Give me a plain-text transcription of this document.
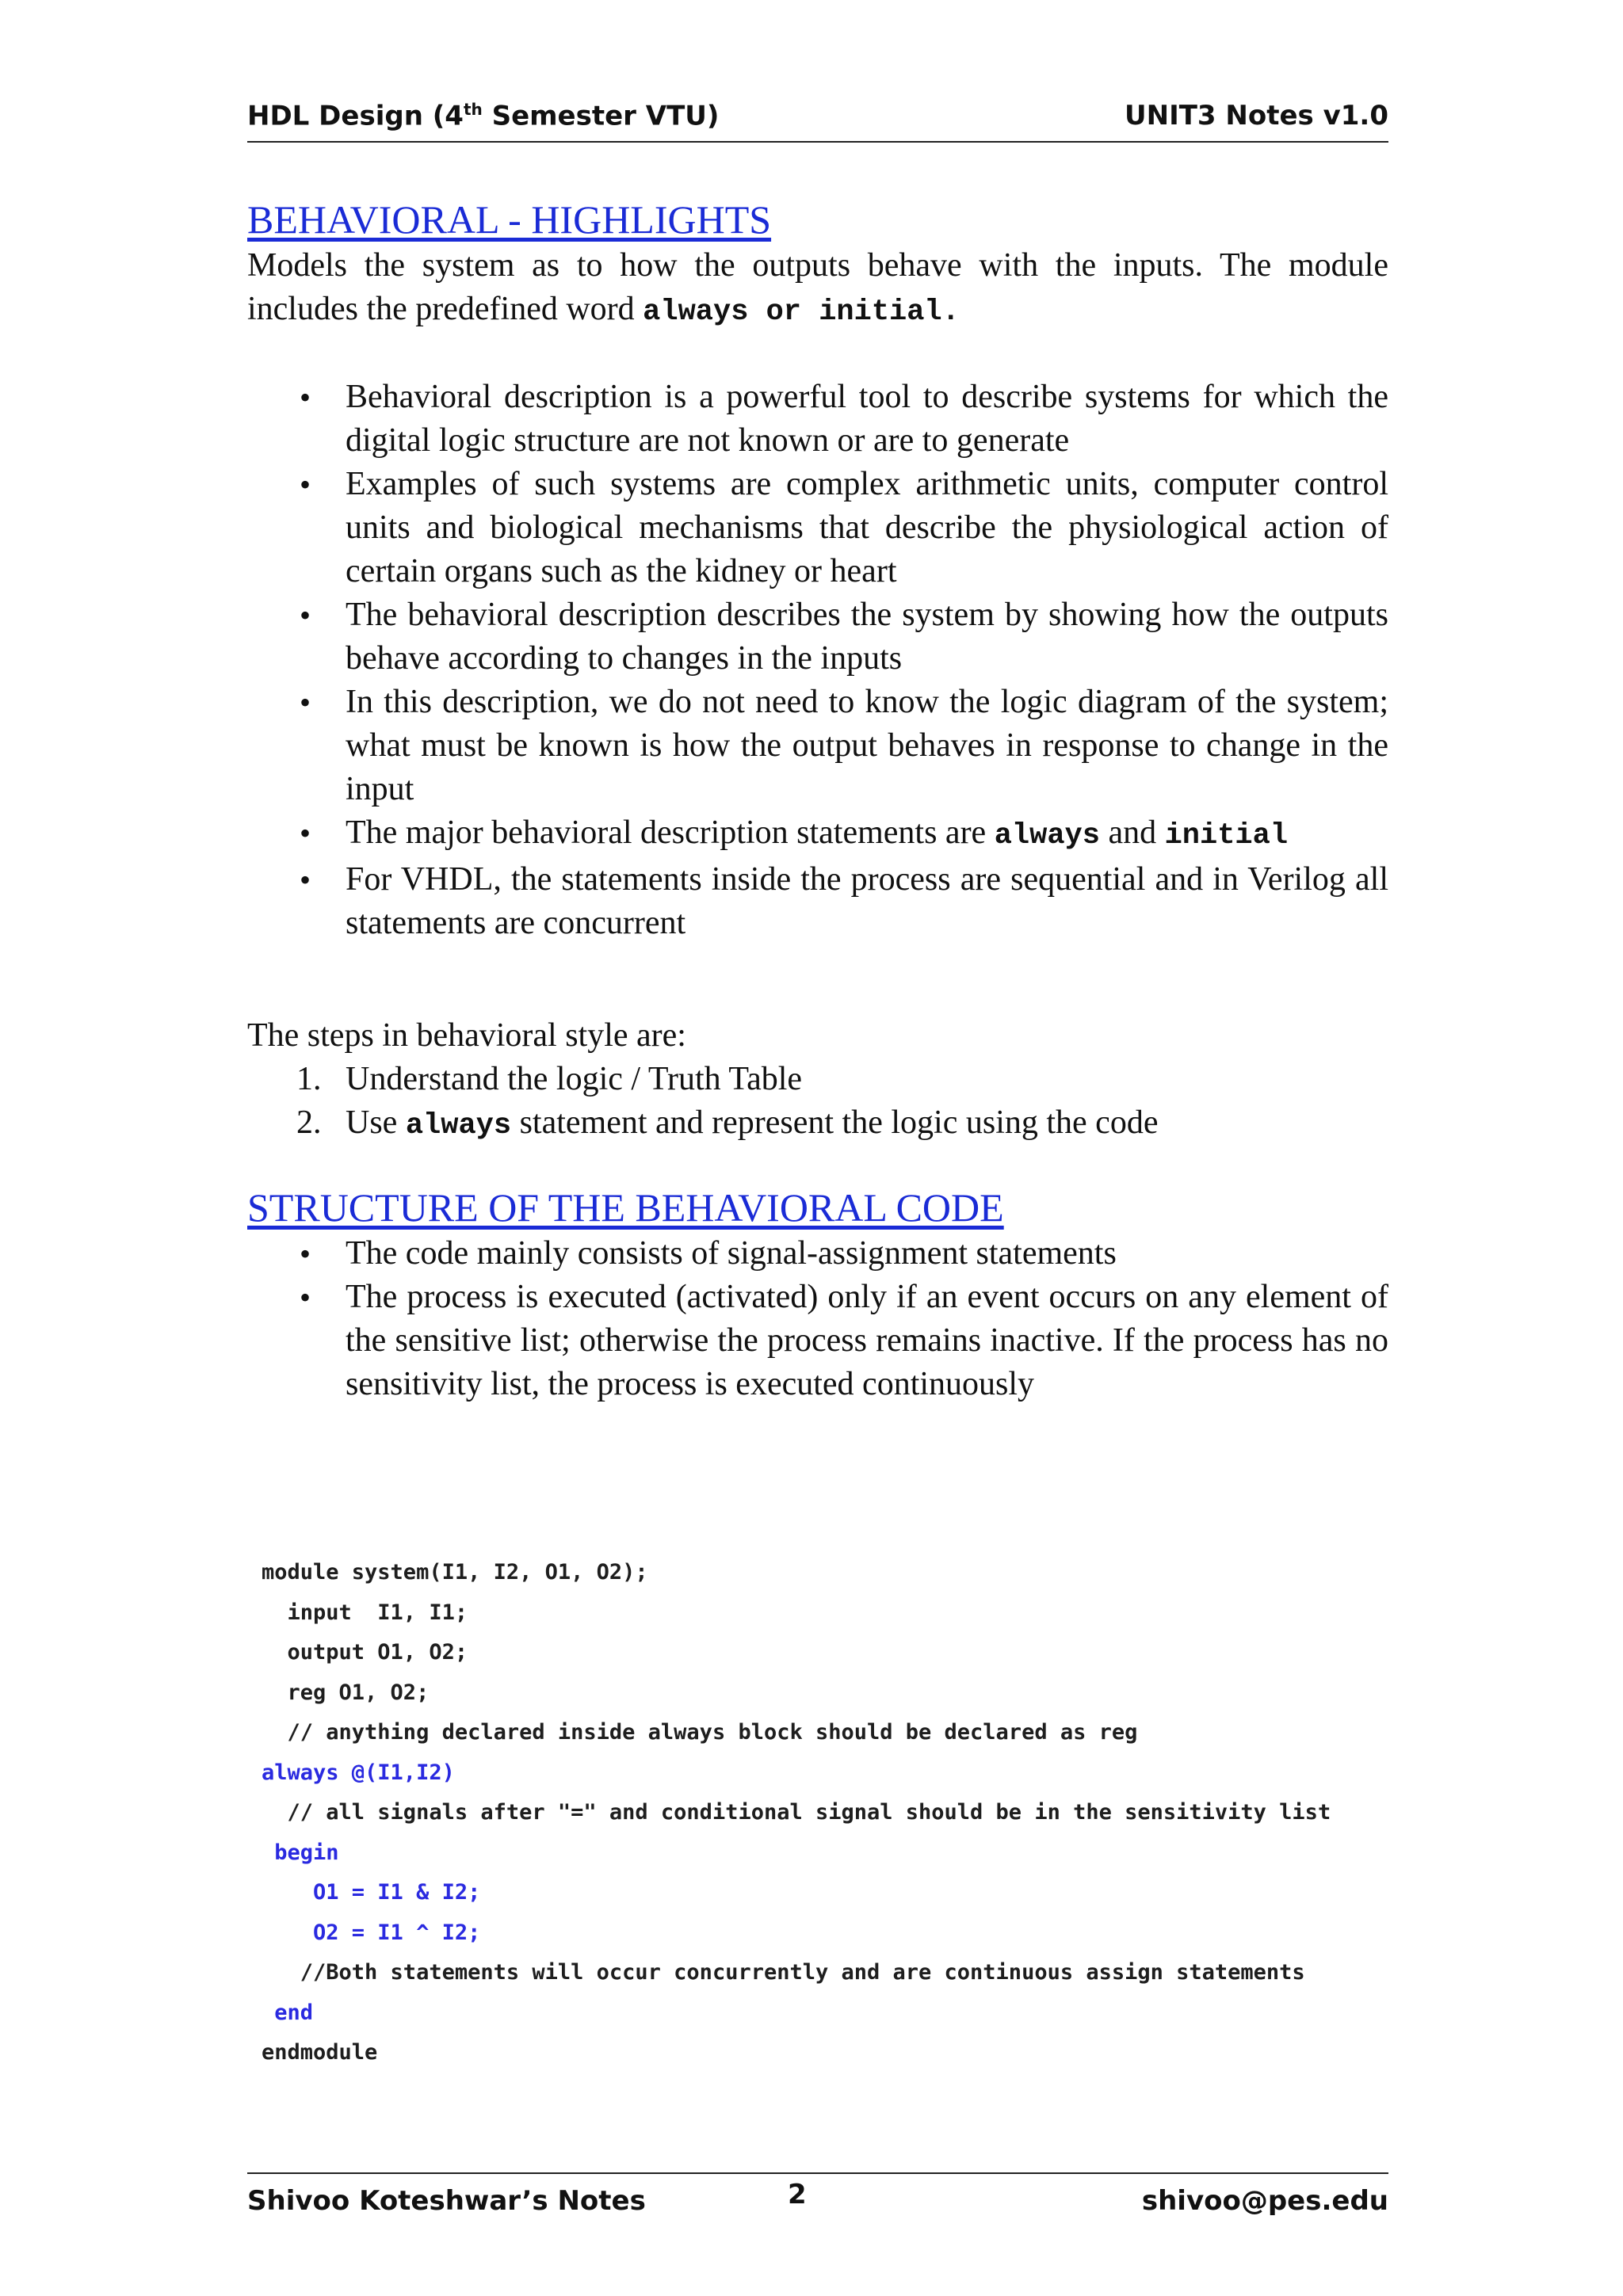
HDL Design (4th Semester VTU)	UNIT3 Notes v1.0
BEHAVIORAL - HIGHLIGHTS

Models the system as to how the outputs behave with the inputs. The module includes the predefined word always or initial.

• Behavioral description is a powerful tool to describe systems for which the digital logic structure are not known or are to generate
• Examples of such systems are complex arithmetic units, computer control units and biological mechanisms that describe the physiological action of certain organs such as the kidney or heart
• The behavioral description describes the system by showing how the outputs behave according to changes in the inputs
• In this description, we do not need to know the logic diagram of the system; what must be known is how the output behaves in response to change in the input
• The major behavioral description statements are always and initial
• For VHDL, the statements inside the process are sequential and in Verilog all statements are concurrent

The steps in behavioral style are:

1. Understand the logic / Truth Table
2. Use always statement and represent the logic using the code
STRUCTURE OF THE BEHAVIORAL CODE
• The code mainly consists of signal-assignment statements
• The process is executed (activated) only if an event occurs on any element of the sensitive list; otherwise the process remains inactive. If the process has no sensitivity list, the process is executed continuously
module system(I1, I2, O1, O2);
input  I1, I1;
output O1, O2;
reg O1, O2;
// anything declared inside always block should be declared as reg
always @(I1,I2)
// all signals after "=" and conditional signal should be in the sensitivity list
begin
O1 = I1 & I2;
O2 = I1 ^ I2;
//Both statements will occur concurrently and are continuous assign statements
end
endmodule
Shivoo Koteshwar’s Notes	2	shivoo@pes.edu
